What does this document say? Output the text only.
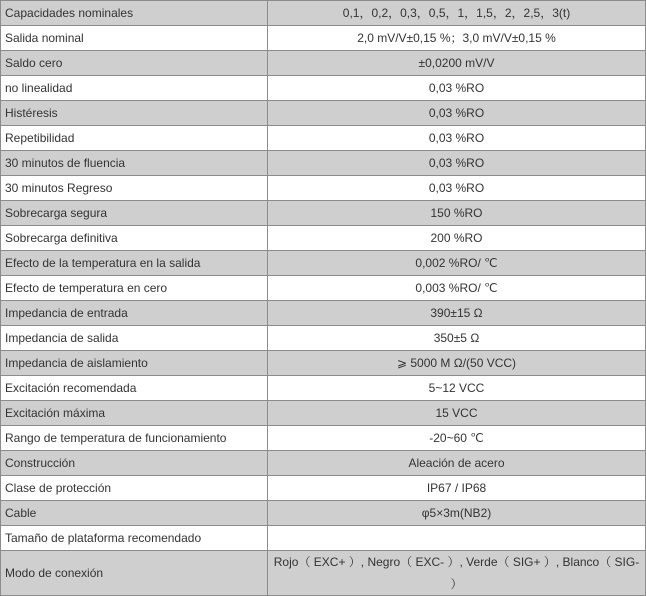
Capacidades nominales	0,1，0,2，0,3，0,5，1，1,5，2，2,5，3(t)
Salida nominal	2,0 mV/V±0,15 %；3,0 mV/V±0,15 %
Saldo cero	±0,0200 mV/V
no linealidad	0,03 %RO
Histéresis	0,03 %RO
Repetibilidad	0,03 %RO
30 minutos de fluencia	0,03 %RO
30 minutos Regreso	0,03 %RO
Sobrecarga segura	150 %RO
Sobrecarga definitiva	200 %RO
Efecto de la temperatura en la salida	0,002 %RO/ ℃
Efecto de temperatura en cero	0,003 %RO/ ℃
Impedancia de entrada	390±15 Ω
Impedancia de salida	350±5 Ω
Impedancia de aislamiento	⩾ 5000 M Ω/(50 VCC)
Excitación recomendada	5~12 VCC
Excitación máxima	15 VCC
Rango de temperatura de funcionamiento	-20~60 ℃
Construcción	Aleación de acero
Clase de protección	IP67 / IP68
Cable	φ5×3m(NB2)
Tamaño de plataforma recomendado	
Modo de conexión	Rojo（ EXC+ ）, Negro（ EXC- ）, Verde（ SIG+ ）, Blanco（ SIG- ）
